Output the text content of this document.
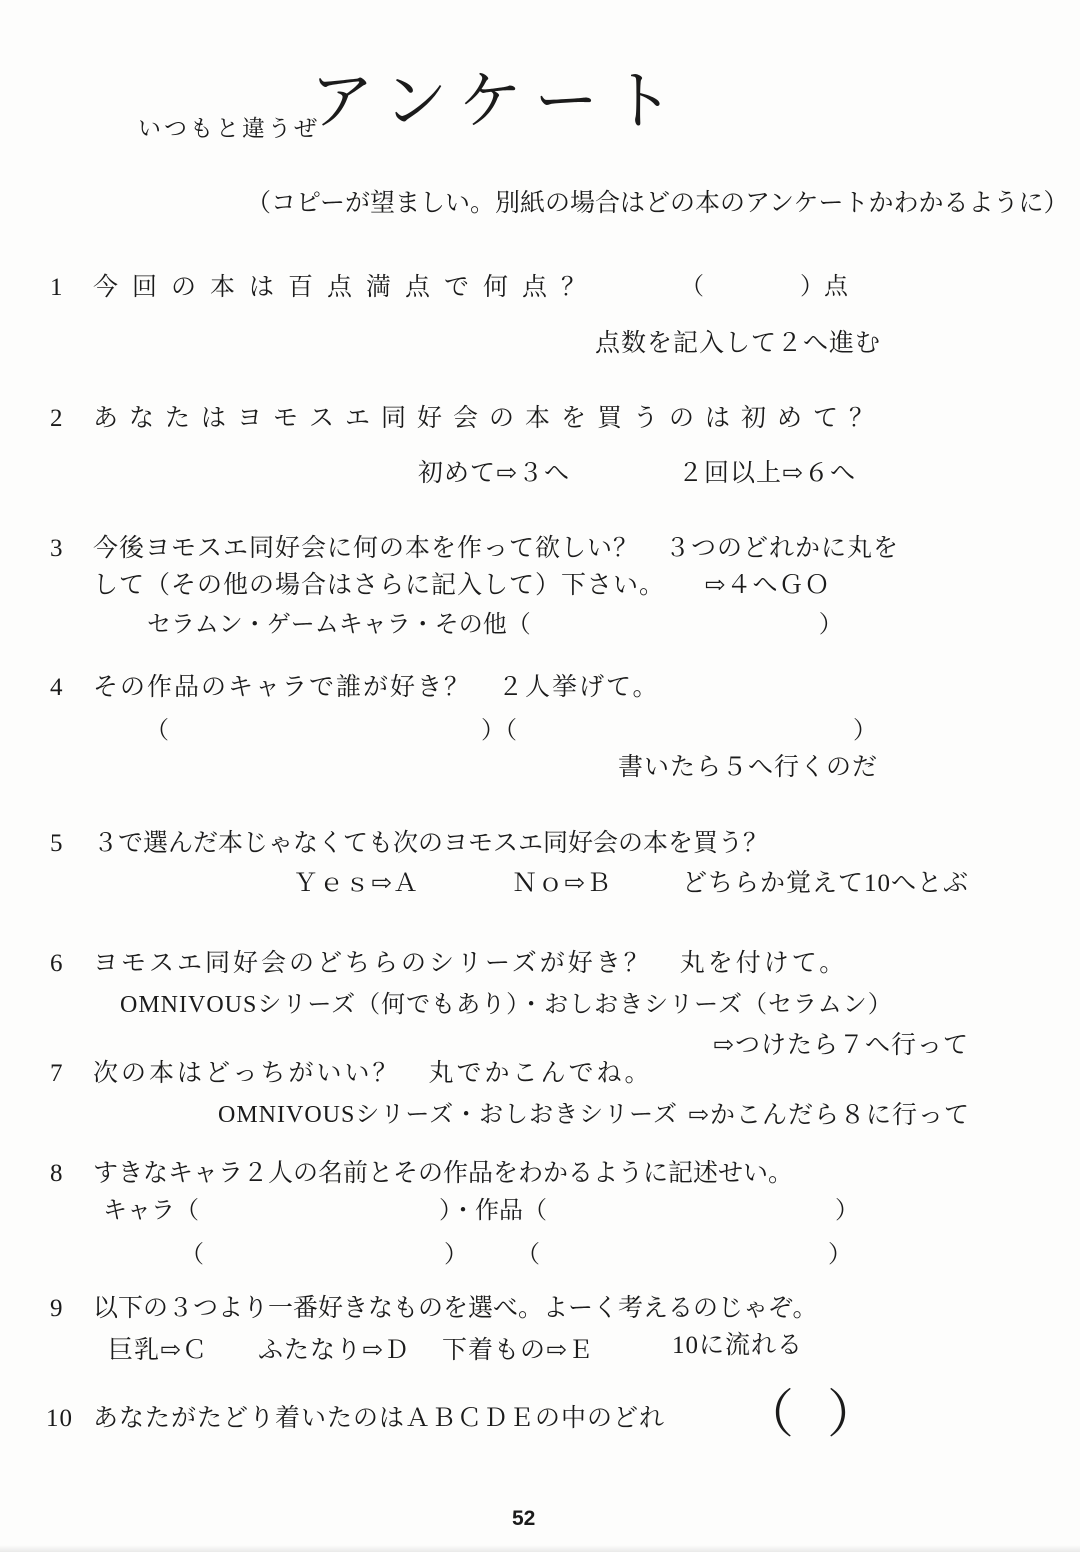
いつもと違うぜ
アンケート
（コピーが望ましい。別紙の場合はどの本のアンケートかわかるように）
1 今回の本は百点満点で何点？	（　　　　）点
点数を記入して２へ進む
2 あなたはヨモスエ同好会の本を買うのは初めて？
初めて⇨３へ	２回以上⇨６へ
3 今後ヨモスエ同好会に何の本を作って欲しい？　３つのどれかに丸を
して（その他の場合はさらに記入して）下さい。　　⇨４へＧＯ
セラムン・ゲームキャラ・その他（　　　　　　　　　　　　）
4 その作品のキャラで誰が好き？　２人挙げて。
（　　　　　　　　　　　　　）（　　　　　　　　　　　　　　）
書いたら５へ行くのだ
5 ３で選んだ本じゃなくても次のヨモスエ同好会の本を買う？
Ｙｅｓ⇨Ａ	Ｎｏ⇨Ｂ	どちらか覚えて10へとぶ
6 ヨモスエ同好会のどちらのシリーズが好き？　丸を付けて。
OMNIVOUSシリーズ（何でもあり）・おしおきシリーズ（セラムン）
⇨つけたら７へ行って
7 次の本はどっちがいい？　丸でかこんでね。
OMNIVOUSシリーズ・おしおきシリーズ ⇨かこんだら８に行って
8 すきなキャラ２人の名前とその作品をわかるように記述せい。
キャラ（　　　　　　　　　　）・作品（　　　　　　　　　　　　）
（　　　　　　　　　　）　　　（　　　　　　　　　　　　）
9 以下の３つより一番好きなものを選べ。よーく考えるのじゃぞ。
巨乳⇨Ｃ ふたなり⇨Ｄ 下着もの⇨Ｅ	10に流れる
10 あなたがたどり着いたのはＡＢＣＤＥの中のどれ （ ）
52
